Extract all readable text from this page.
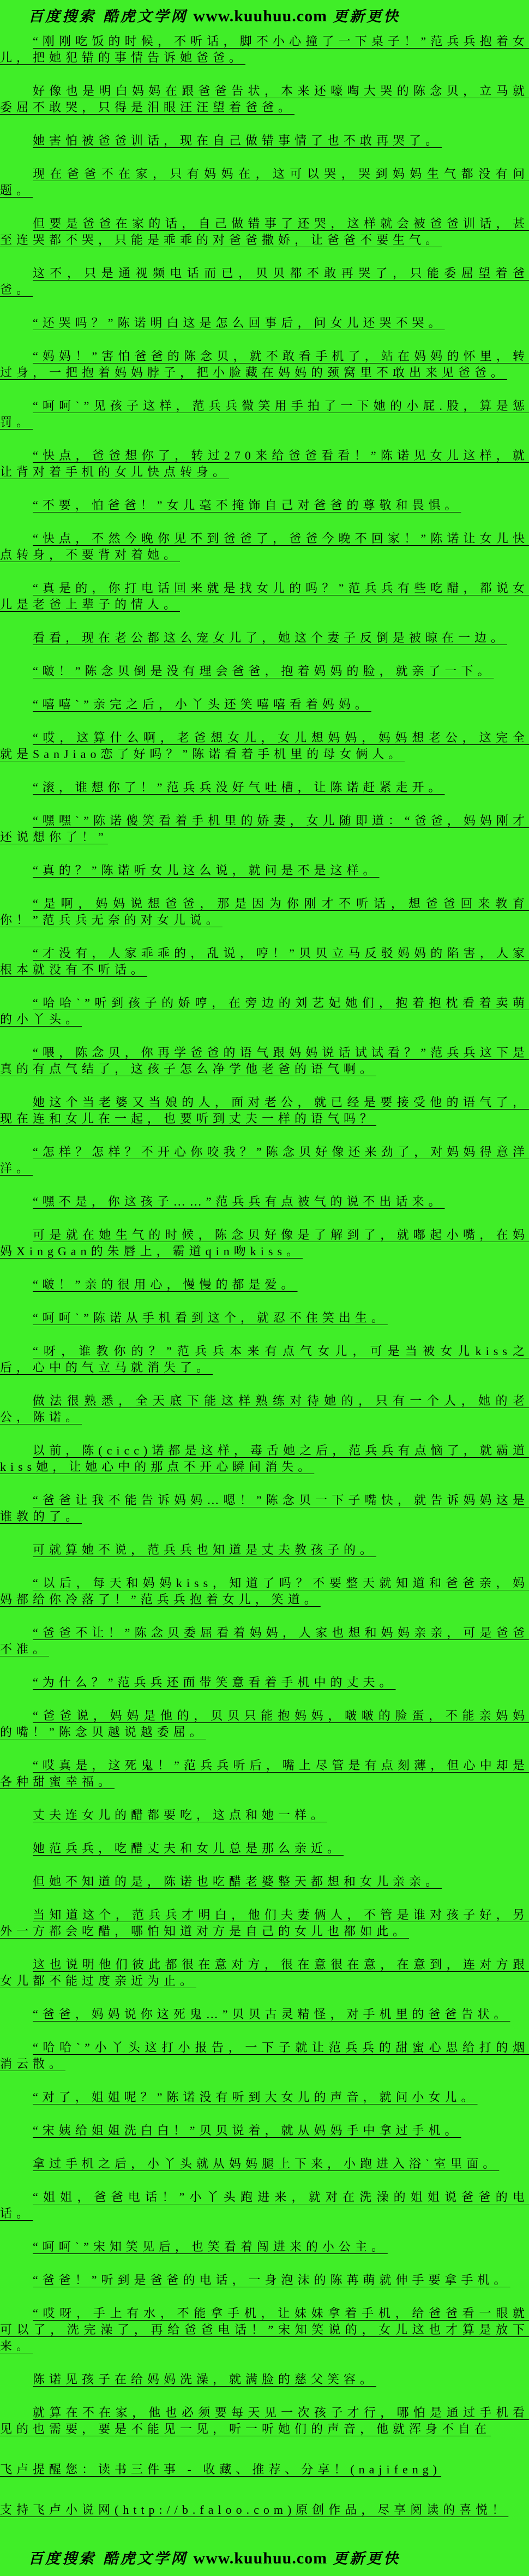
百度搜索 酷虎文学网 www.kuuhuu.com 更新更快

“刚刚吃饭的时候，不听话，脚不小心撞了一下桌子！”范兵兵抱着女儿，把她犯错的事情告诉她爸爸。

好像也是明白妈妈在跟爸爸告状，本来还嚎啕大哭的陈念贝，立马就委屈不敢哭，只得是泪眼汪汪望着爸爸。

她害怕被爸爸训话，现在自己做错事情了也不敢再哭了。

现在爸爸不在家，只有妈妈在，这可以哭，哭到妈妈生气都没有问题。

但要是爸爸在家的话，自己做错事了还哭，这样就会被爸爸训话，甚至连哭都不哭，只能是乖乖的对爸爸撒娇，让爸爸不要生气。

这不，只是通视频电话而已，贝贝都不敢再哭了，只能委屈望着爸爸。

“还哭吗？”陈诺明白这是怎么回事后，问女儿还哭不哭。

“妈妈！”害怕爸爸的陈念贝，就不敢看手机了，站在妈妈的怀里，转过身，一把抱着妈妈脖子，把小脸藏在妈妈的颈窝里不敢出来见爸爸。

“呵呵`”见孩子这样，范兵兵微笑用手拍了一下她的小屁.股，算是惩罚。

“快点，爸爸想你了，转过270来给爸爸看看！”陈诺见女儿这样，就让背对着手机的女儿快点转身。

“不要，怕爸爸！”女儿毫不掩饰自己对爸爸的尊敬和畏惧。

“快点，不然今晚你见不到爸爸了，爸爸今晚不回家！”陈诺让女儿快点转身，不要背对着她。

“真是的，你打电话回来就是找女儿的吗？”范兵兵有些吃醋，都说女儿是老爸上辈子的情人。

看看，现在老公都这么宠女儿了，她这个妻子反倒是被晾在一边。

“啵！”陈念贝倒是没有理会爸爸，抱着妈妈的脸，就亲了一下。

“嘻嘻`”亲完之后，小丫头还笑嘻嘻看着妈妈。

“哎，这算什么啊，老爸想女儿，女儿想妈妈，妈妈想老公，这完全就是SanJiao恋了好吗？”陈诺看着手机里的母女俩人。

“滚，谁想你了！”范兵兵没好气吐槽，让陈诺赶紧走开。

“嘿嘿`”陈诺傻笑看着手机里的娇妻，女儿随即道：“爸爸，妈妈刚才还说想你了！”

“真的？”陈诺听女儿这么说，就问是不是这样。

“是啊，妈妈说想爸爸，那是因为你刚才不听话，想爸爸回来教育你！”范兵兵无奈的对女儿说。

“才没有，人家乖乖的，乱说，哼！”贝贝立马反驳妈妈的陷害，人家根本就没有不听话。

“哈哈`”听到孩子的娇哼，在旁边的刘艺妃她们，抱着抱枕看着卖萌的小丫头。

“喂，陈念贝，你再学爸爸的语气跟妈妈说话试试看？”范兵兵这下是真的有点气结了，这孩子怎么净学他老爸的语气啊。

她这个当老婆又当娘的人，面对老公，就已经是要接受他的语气了，现在连和女儿在一起，也要听到丈夫一样的语气吗？

“怎样？怎样？不开心你咬我？”陈念贝好像还来劲了，对妈妈得意洋洋。

“嘿不是，你这孩子……”范兵兵有点被气的说不出话来。

可是就在她生气的时候，陈念贝好像是了解到了，就嘟起小嘴，在妈妈XingGan的朱唇上，霸道qin吻kiss。

“啵！”亲的很用心，慢慢的都是爱。

“呵呵`”陈诺从手机看到这个，就忍不住笑出生。

“呀，谁教你的？”范兵兵本来有点气女儿，可是当被女儿kiss之后，心中的气立马就消失了。

做法很熟悉，全天底下能这样熟练对待她的，只有一个人，她的老公，陈诺。

以前，陈(cicc)诺都是这样，毒舌她之后，范兵兵有点恼了，就霸道kiss她，让她心中的那点不开心瞬间消失。

“爸爸让我不能告诉妈妈…嗯！”陈念贝一下子嘴快，就告诉妈妈这是谁教的了。

可就算她不说，范兵兵也知道是丈夫教孩子的。

“以后，每天和妈妈kiss，知道了吗？不要整天就知道和爸爸亲，妈妈都给你冷落了！”范兵兵抱着女儿，笑道。

“爸爸不让！”陈念贝委屈看着妈妈，人家也想和妈妈亲亲，可是爸爸不准。

“为什么？”范兵兵还面带笑意看着手机中的丈夫。

“爸爸说，妈妈是他的，贝贝只能抱妈妈，啵啵的脸蛋，不能亲妈妈的嘴！”陈念贝越说越委屈。

“哎真是，这死鬼！”范兵兵听后，嘴上尽管是有点刻薄，但心中却是各种甜蜜幸福。

丈夫连女儿的醋都要吃，这点和她一样。

她范兵兵，吃醋丈夫和女儿总是那么亲近。

但她不知道的是，陈诺也吃醋老婆整天都想和女儿亲亲。

当知道这个，范兵兵才明白，他们夫妻俩人，不管是谁对孩子好，另外一方都会吃醋，哪怕知道对方是自己的女儿也都如此。

这也说明他们彼此都很在意对方，很在意很在意，在意到，连对方跟女儿都不能过度亲近为止。

“爸爸，妈妈说你这死鬼…”贝贝古灵精怪，对手机里的爸爸告状。

“哈哈`”小丫头这打小报告，一下子就让范兵兵的甜蜜心思给打的烟消云散。

“对了，姐姐呢？”陈诺没有听到大女儿的声音，就问小女儿。

“宋姨给姐姐洗白白！”贝贝说着，就从妈妈手中拿过手机。

拿过手机之后，小丫头就从妈妈腿上下来，小跑进入浴`室里面。

“姐姐，爸爸电话！”小丫头跑进来，就对在洗澡的姐姐说爸爸的电话。

“呵呵`”宋知笑见后，也笑看着闯进来的小公主。

“爸爸！”听到是爸爸的电话，一身泡沫的陈苒萌就伸手要拿手机。

“哎呀，手上有水，不能拿手机，让妹妹拿着手机，给爸爸看一眼就可以了，洗完澡了，再给爸爸电话！”宋知笑说的，女儿这也才算是放下来。

陈诺见孩子在给妈妈洗澡，就满脸的慈父笑容。

就算在不在家，他也必须要每天见一次孩子才行，哪怕是通过手机看见的也需要，要是不能见一见，听一听她们的声音，他就浑身不自在

飞卢提醒您：读书三件事 - 收藏、推荐、分享！(najifeng)

支持飞卢小说网(http://b.faloo.com)原创作品，尽享阅读的喜悦！

百度搜索 酷虎文学网 www.kuuhuu.com 更新更快
